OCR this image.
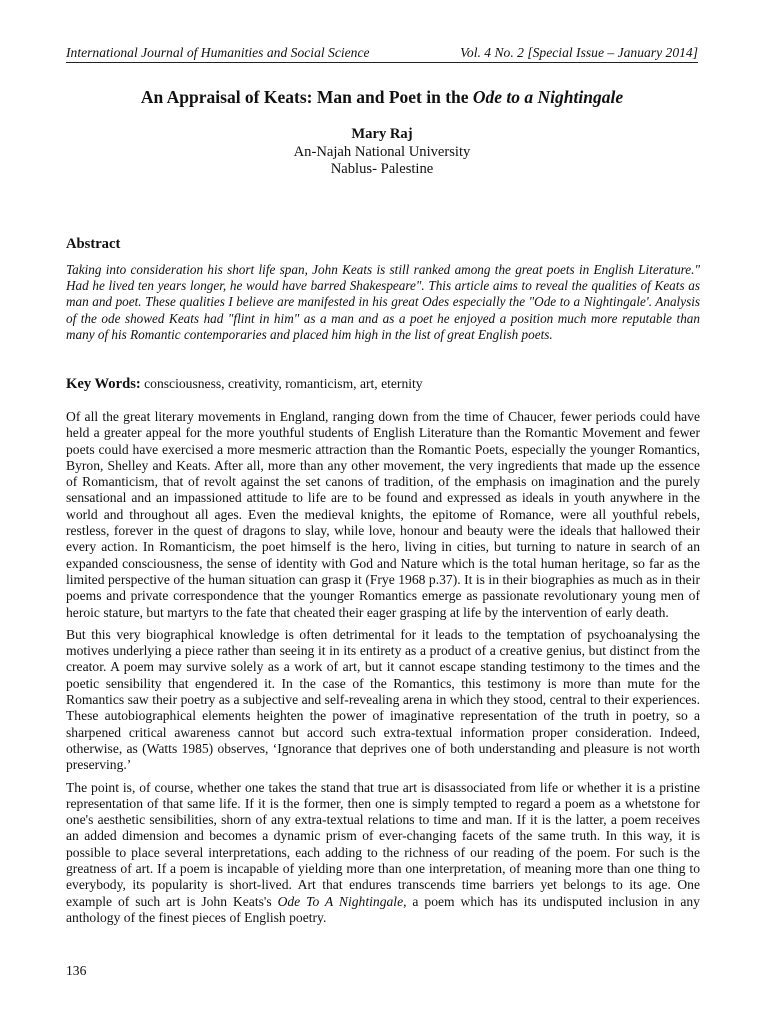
International Journal of Humanities and Social Science	Vol. 4 No. 2 [Special Issue – January 2014]
An Appraisal of Keats: Man and Poet in the Ode to a Nightingale
Mary Raj
An-Najah National University
Nablus- Palestine
Abstract

Taking into consideration his short life span, John Keats is still ranked among the great poets in English Literature." Had he lived ten years longer, he would have barred Shakespeare". This article aims to reveal the qualities of Keats as man and poet. These qualities I believe are manifested in his great Odes especially the "Ode to a Nightingale'. Analysis of the ode showed Keats had "flint in him" as a man and as a poet he enjoyed a position much more reputable than many of his Romantic contemporaries and placed him high in the list of great English poets.

Key Words: consciousness, creativity, romanticism, art, eternity

Of all the great literary movements in England, ranging down from the time of Chaucer, fewer periods could have held a greater appeal for the more youthful students of English Literature than the Romantic Movement and fewer poets could have exercised a more mesmeric attraction than the Romantic Poets, especially the younger Romantics, Byron, Shelley and Keats. After all, more than any other movement, the very ingredients that made up the essence of Romanticism, that of revolt against the set canons of tradition, of the emphasis on imagination and the purely sensational and an impassioned attitude to life are to be found and expressed as ideals in youth anywhere in the world and throughout all ages. Even the medieval knights, the epitome of Romance, were all youthful rebels, restless, forever in the quest of dragons to slay, while love, honour and beauty were the ideals that hallowed their every action. In Romanticism, the poet himself is the hero, living in cities, but turning to nature in search of an expanded consciousness, the sense of identity with God and Nature which is the total human heritage, so far as the limited perspective of the human situation can grasp it (Frye 1968 p.37). It is in their biographies as much as in their poems and private correspondence that the younger Romantics emerge as passionate revolutionary young men of heroic stature, but martyrs to the fate that cheated their eager grasping at life by the intervention of early death.

But this very biographical knowledge is often detrimental for it leads to the temptation of psychoanalysing the motives underlying a piece rather than seeing it in its entirety as a product of a creative genius, but distinct from the creator. A poem may survive solely as a work of art, but it cannot escape standing testimony to the times and the poetic sensibility that engendered it. In the case of the Romantics, this testimony is more than mute for the Romantics saw their poetry as a subjective and self-revealing arena in which they stood, central to their experiences. These autobiographical elements heighten the power of imaginative representation of the truth in poetry, so a sharpened critical awareness cannot but accord such extra-textual information proper consideration. Indeed, otherwise, as (Watts 1985) observes, ‘Ignorance that deprives one of both understanding and pleasure is not worth preserving.’

The point is, of course, whether one takes the stand that true art is disassociated from life or whether it is a pristine representation of that same life. If it is the former, then one is simply tempted to regard a poem as a whetstone for one's aesthetic sensibilities, shorn of any extra-textual relations to time and man. If it is the latter, a poem receives an added dimension and becomes a dynamic prism of ever-changing facets of the same truth. In this way, it is possible to place several interpretations, each adding to the richness of our reading of the poem. For such is the greatness of art. If a poem is incapable of yielding more than one interpretation, of meaning more than one thing to everybody, its popularity is short-lived. Art that endures transcends time barriers yet belongs to its age. One example of such art is John Keats's Ode To A Nightingale, a poem which has its undisputed inclusion in any anthology of the finest pieces of English poetry.

136
